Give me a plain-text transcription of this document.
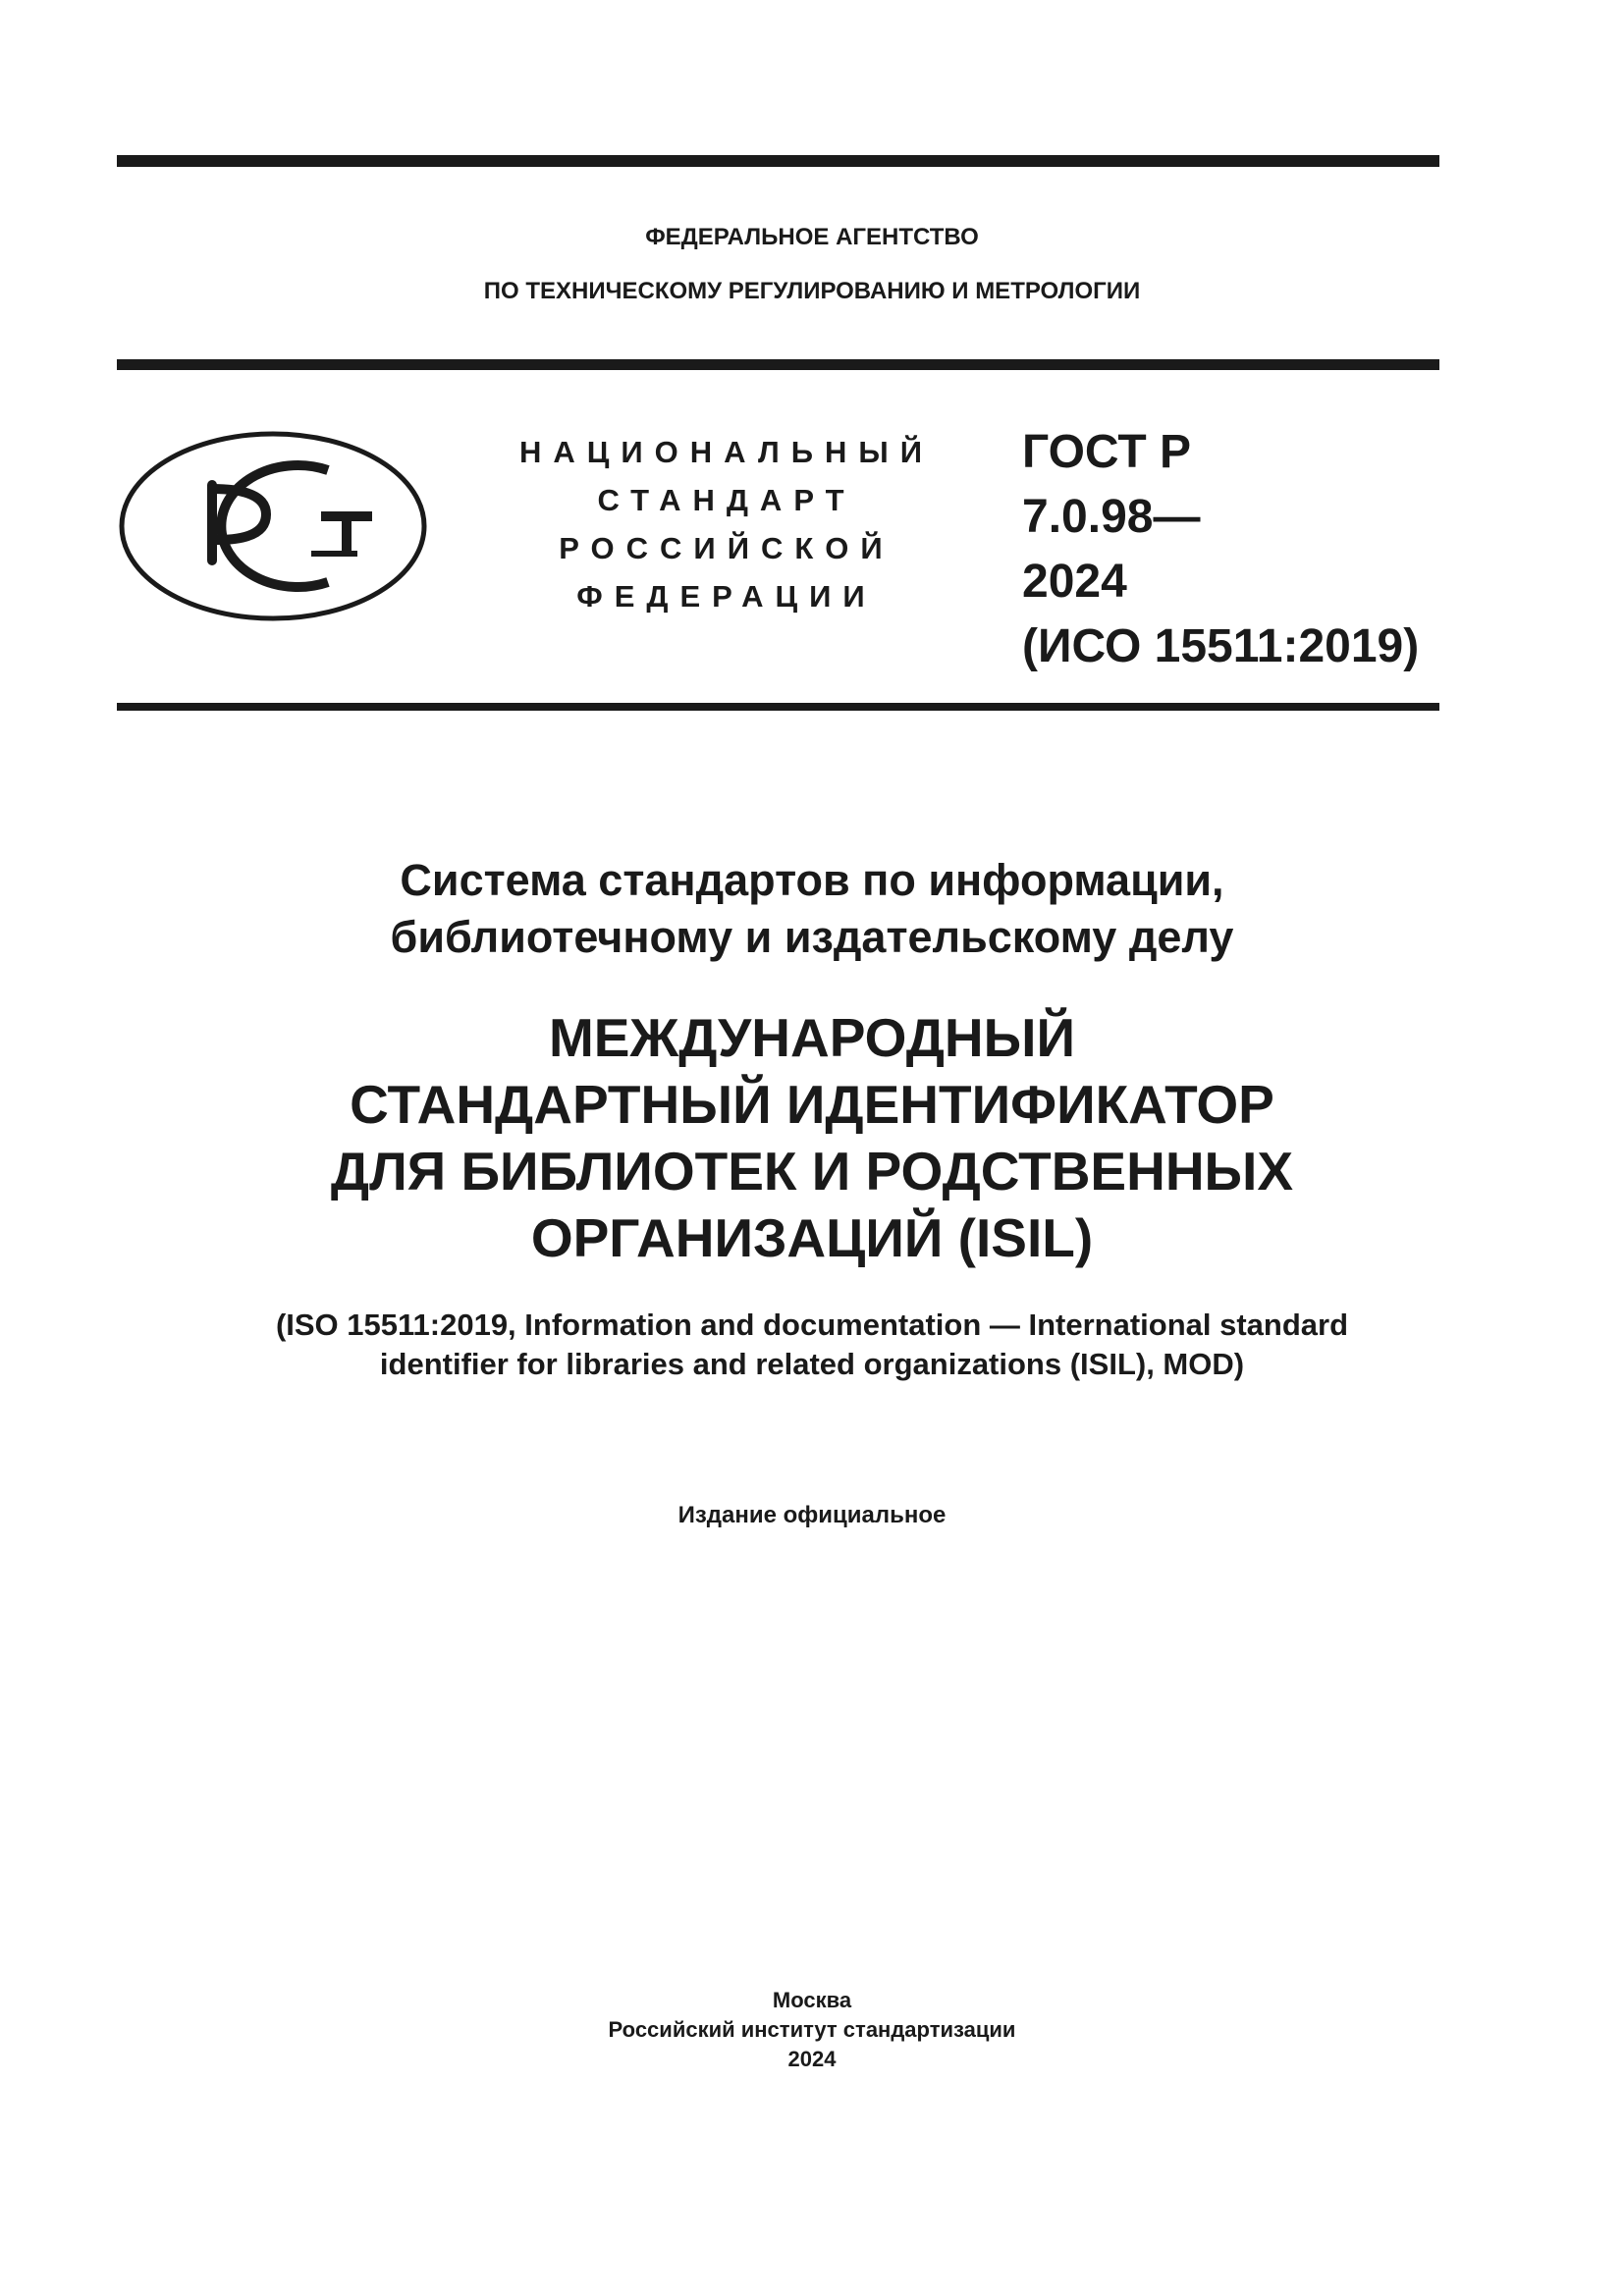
ФЕДЕРАЛЬНОЕ АГЕНТСТВО
ПО ТЕХНИЧЕСКОМУ РЕГУЛИРОВАНИЮ И МЕТРОЛОГИИ
НАЦИОНАЛЬНЫЙ
СТАНДАРТ
РОССИЙСКОЙ
ФЕДЕРАЦИИ
ГОСТ Р
7.0.98—
2024
(ИСО 15511:2019)
Система стандартов по информации,
библиотечному и издательскому делу
МЕЖДУНАРОДНЫЙ
СТАНДАРТНЫЙ ИДЕНТИФИКАТОР
ДЛЯ БИБЛИОТЕК И РОДСТВЕННЫХ
ОРГАНИЗАЦИЙ (ISIL)
(ISO 15511:2019, Information and documentation — International standard
identifier for libraries and related organizations (ISIL), MOD)
Издание официальное
Москва
Российский институт стандартизации
2024
